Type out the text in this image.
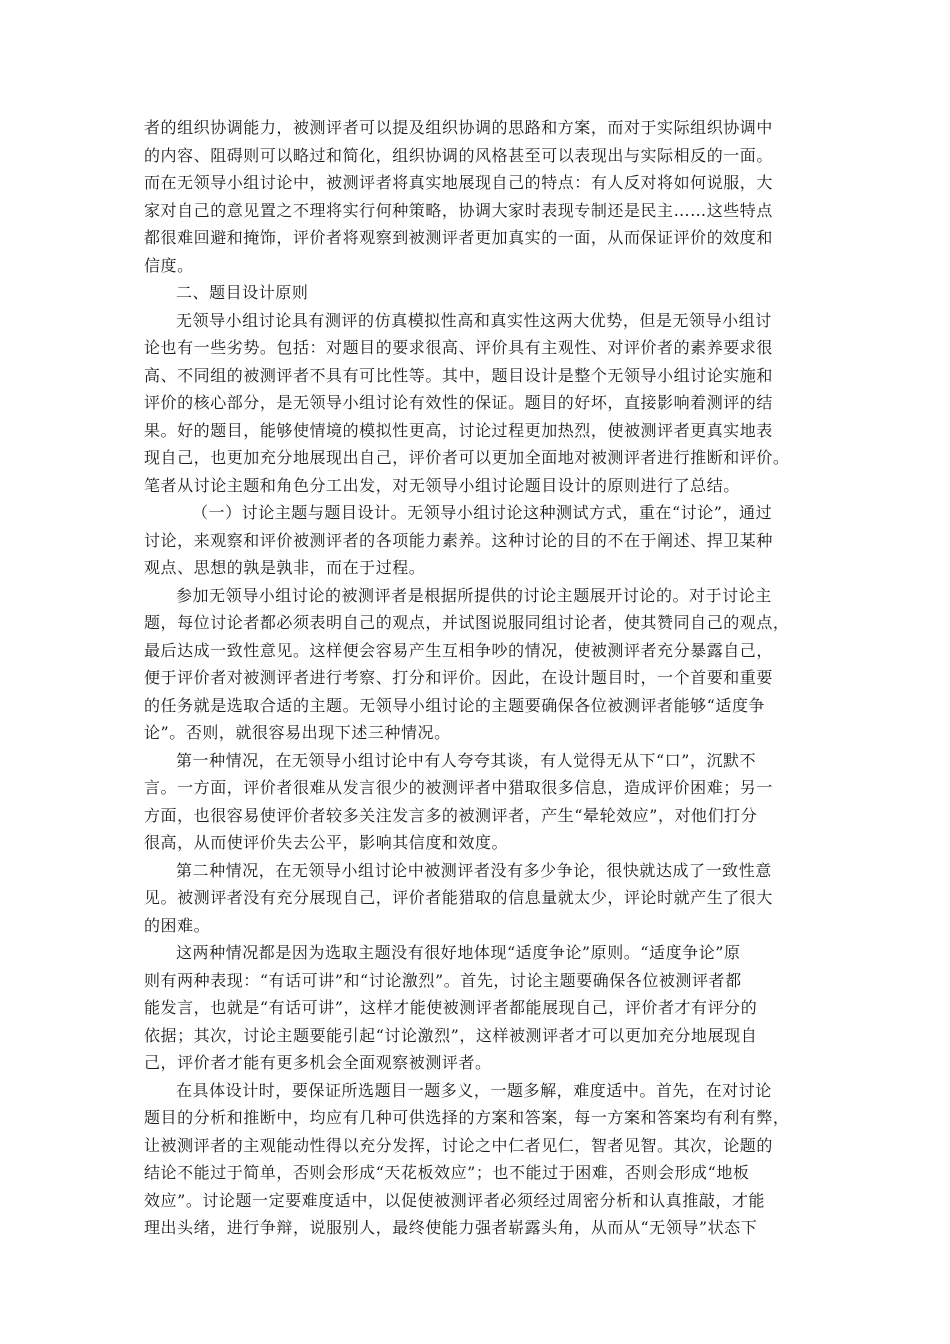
者的组织协调能力，被测评者可以提及组织协调的思路和方案，而对于实际组织协调中
的内容、阻碍则可以略过和简化，组织协调的风格甚至可以表现出与实际相反的一面。
而在无领导小组讨论中，被测评者将真实地展现自己的特点：有人反对将如何说服，大
家对自己的意见置之不理将实行何种策略，协调大家时表现专制还是民主……这些特点
都很难回避和掩饰，评价者将观察到被测评者更加真实的一面，从而保证评价的效度和
信度。
二、题目设计原则
无领导小组讨论具有测评的仿真模拟性高和真实性这两大优势，但是无领导小组讨
论也有一些劣势。包括：对题目的要求很高、评价具有主观性、对评价者的素养要求很
高、不同组的被测评者不具有可比性等。其中，题目设计是整个无领导小组讨论实施和
评价的核心部分，是无领导小组讨论有效性的保证。题目的好坏，直接影响着测评的结
果。好的题目，能够使情境的模拟性更高，讨论过程更加热烈，使被测评者更真实地表
现自己，也更加充分地展现出自己，评价者可以更加全面地对被测评者进行推断和评价。
笔者从讨论主题和角色分工出发，对无领导小组讨论题目设计的原则进行了总结。
（一）讨论主题与题目设计。无领导小组讨论这种测试方式，重在“讨论”，通过
讨论，来观察和评价被测评者的各项能力素养。这种讨论的目的不在于阐述、捍卫某种
观点、思想的孰是孰非，而在于过程。
参加无领导小组讨论的被测评者是根据所提供的讨论主题展开讨论的。对于讨论主
题，每位讨论者都必须表明自己的观点，并试图说服同组讨论者，使其赞同自己的观点，
最后达成一致性意见。这样便会容易产生互相争吵的情况，使被测评者充分暴露自己，
便于评价者对被测评者进行考察、打分和评价。因此，在设计题目时，一个首要和重要
的任务就是选取合适的主题。无领导小组讨论的主题要确保各位被测评者能够“适度争
论”。否则，就很容易出现下述三种情况。
第一种情况，在无领导小组讨论中有人夸夸其谈，有人觉得无从下“口”，沉默不
言。一方面，评价者很难从发言很少的被测评者中猎取很多信息，造成评价困难；另一
方面，也很容易使评价者较多关注发言多的被测评者，产生“晕轮效应”，对他们打分
很高，从而使评价失去公平，影响其信度和效度。
第二种情况，在无领导小组讨论中被测评者没有多少争论，很快就达成了一致性意
见。被测评者没有充分展现自己，评价者能猎取的信息量就太少，评论时就产生了很大
的困难。
这两种情况都是因为选取主题没有很好地体现“适度争论”原则。“适度争论”原
则有两种表现：“有话可讲”和“讨论激烈”。首先，讨论主题要确保各位被测评者都
能发言，也就是“有话可讲”，这样才能使被测评者都能展现自己，评价者才有评分的
依据；其次，讨论主题要能引起“讨论激烈”，这样被测评者才可以更加充分地展现自
己，评价者才能有更多机会全面观察被测评者。
在具体设计时，要保证所选题目一题多义，一题多解，难度适中。首先，在对讨论
题目的分析和推断中，均应有几种可供选择的方案和答案，每一方案和答案均有利有弊，
让被测评者的主观能动性得以充分发挥，讨论之中仁者见仁，智者见智。其次，论题的
结论不能过于简单，否则会形成“天花板效应”；也不能过于困难，否则会形成“地板
效应”。讨论题一定要难度适中，以促使被测评者必须经过周密分析和认真推敲，才能
理出头绪，进行争辩，说服别人，最终使能力强者崭露头角，从而从“无领导”状态下
